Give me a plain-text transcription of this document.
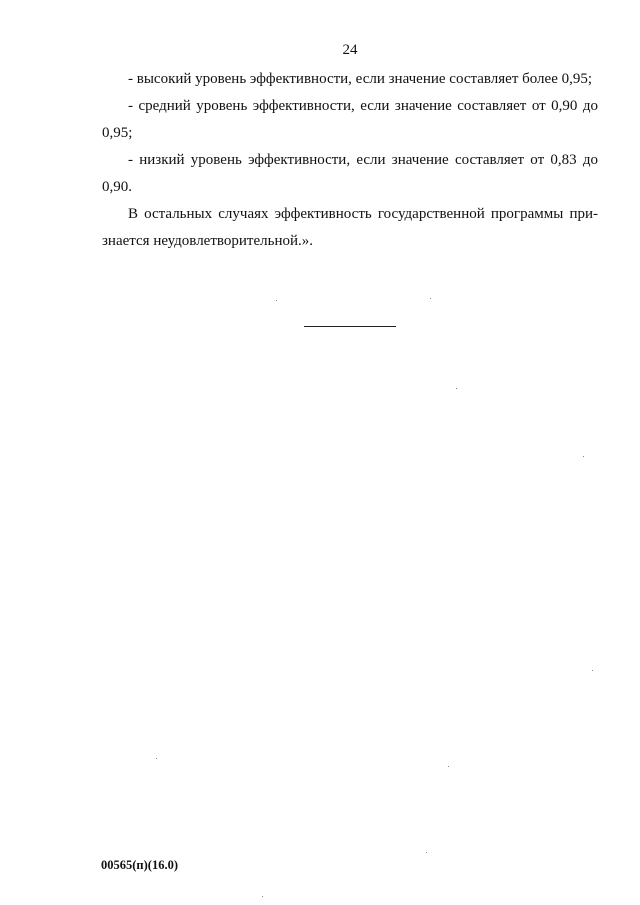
24

- высокий уровень эффективности, если значение составляет более 0,95;

- средний уровень эффективности, если значение составляет от 0,90 до 0,95;

- низкий уровень эффективности, если значение составляет от 0,83 до 0,90.

В остальных случаях эффективность государственной программы признается неудовлетворительной.».

00565(п)(16.0)
